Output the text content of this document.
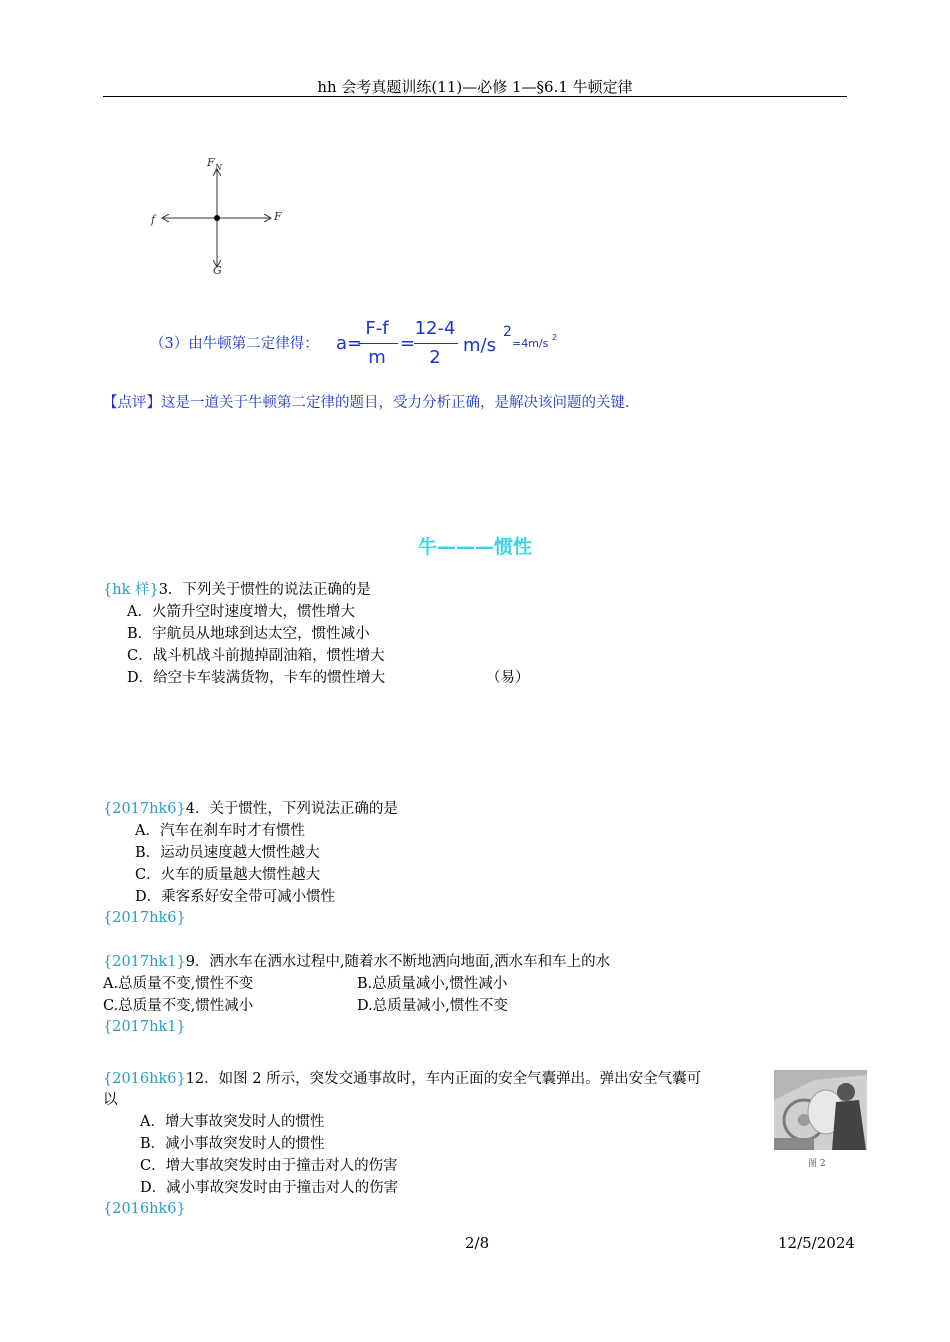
hh 会考真题训练(11)—必修 1—§6.1 牛顿定律
F N
f	F
G
（3）由牛顿第二定律得： a=
F-f
m
=
12-4
2
m/s
2
=4m/s 2
【点评】这是一道关于牛顿第二定律的题目，受力分析正确，是解决该问题的关键.
牛———惯性
{hk 样}3．下列关于惯性的说法正确的是
A．火箭升空时速度增大，惯性增大
B．宇航员从地球到达太空，惯性减小
C．战斗机战斗前抛掉副油箱，惯性增大
D．给空卡车装满货物，卡车的惯性增大	（易）
{2017hk6}4．关于惯性，下列说法正确的是
A．汽车在刹车时才有惯性
B．运动员速度越大惯性越大
C．火车的质量越大惯性越大
D．乘客系好安全带可减小惯性
{2017hk6}
{2017hk1}9．洒水车在洒水过程中,随着水不断地洒向地面,洒水车和车上的水
A.总质量不变,惯性不变	B.总质量减小,惯性减小
C.总质量不变,惯性减小	D.总质量减小,惯性不变
{2017hk1}
{2016hk6}12．如图 2 所示，突发交通事故时，车内正面的安全气囊弹出。弹出安全气囊可
以
A．增大事故突发时人的惯性
B．减小事故突发时人的惯性
C．增大事故突发时由于撞击对人的伤害
D．减小事故突发时由于撞击对人的伤害
{2016hk6}
图 2
2/8	12/5/2024
